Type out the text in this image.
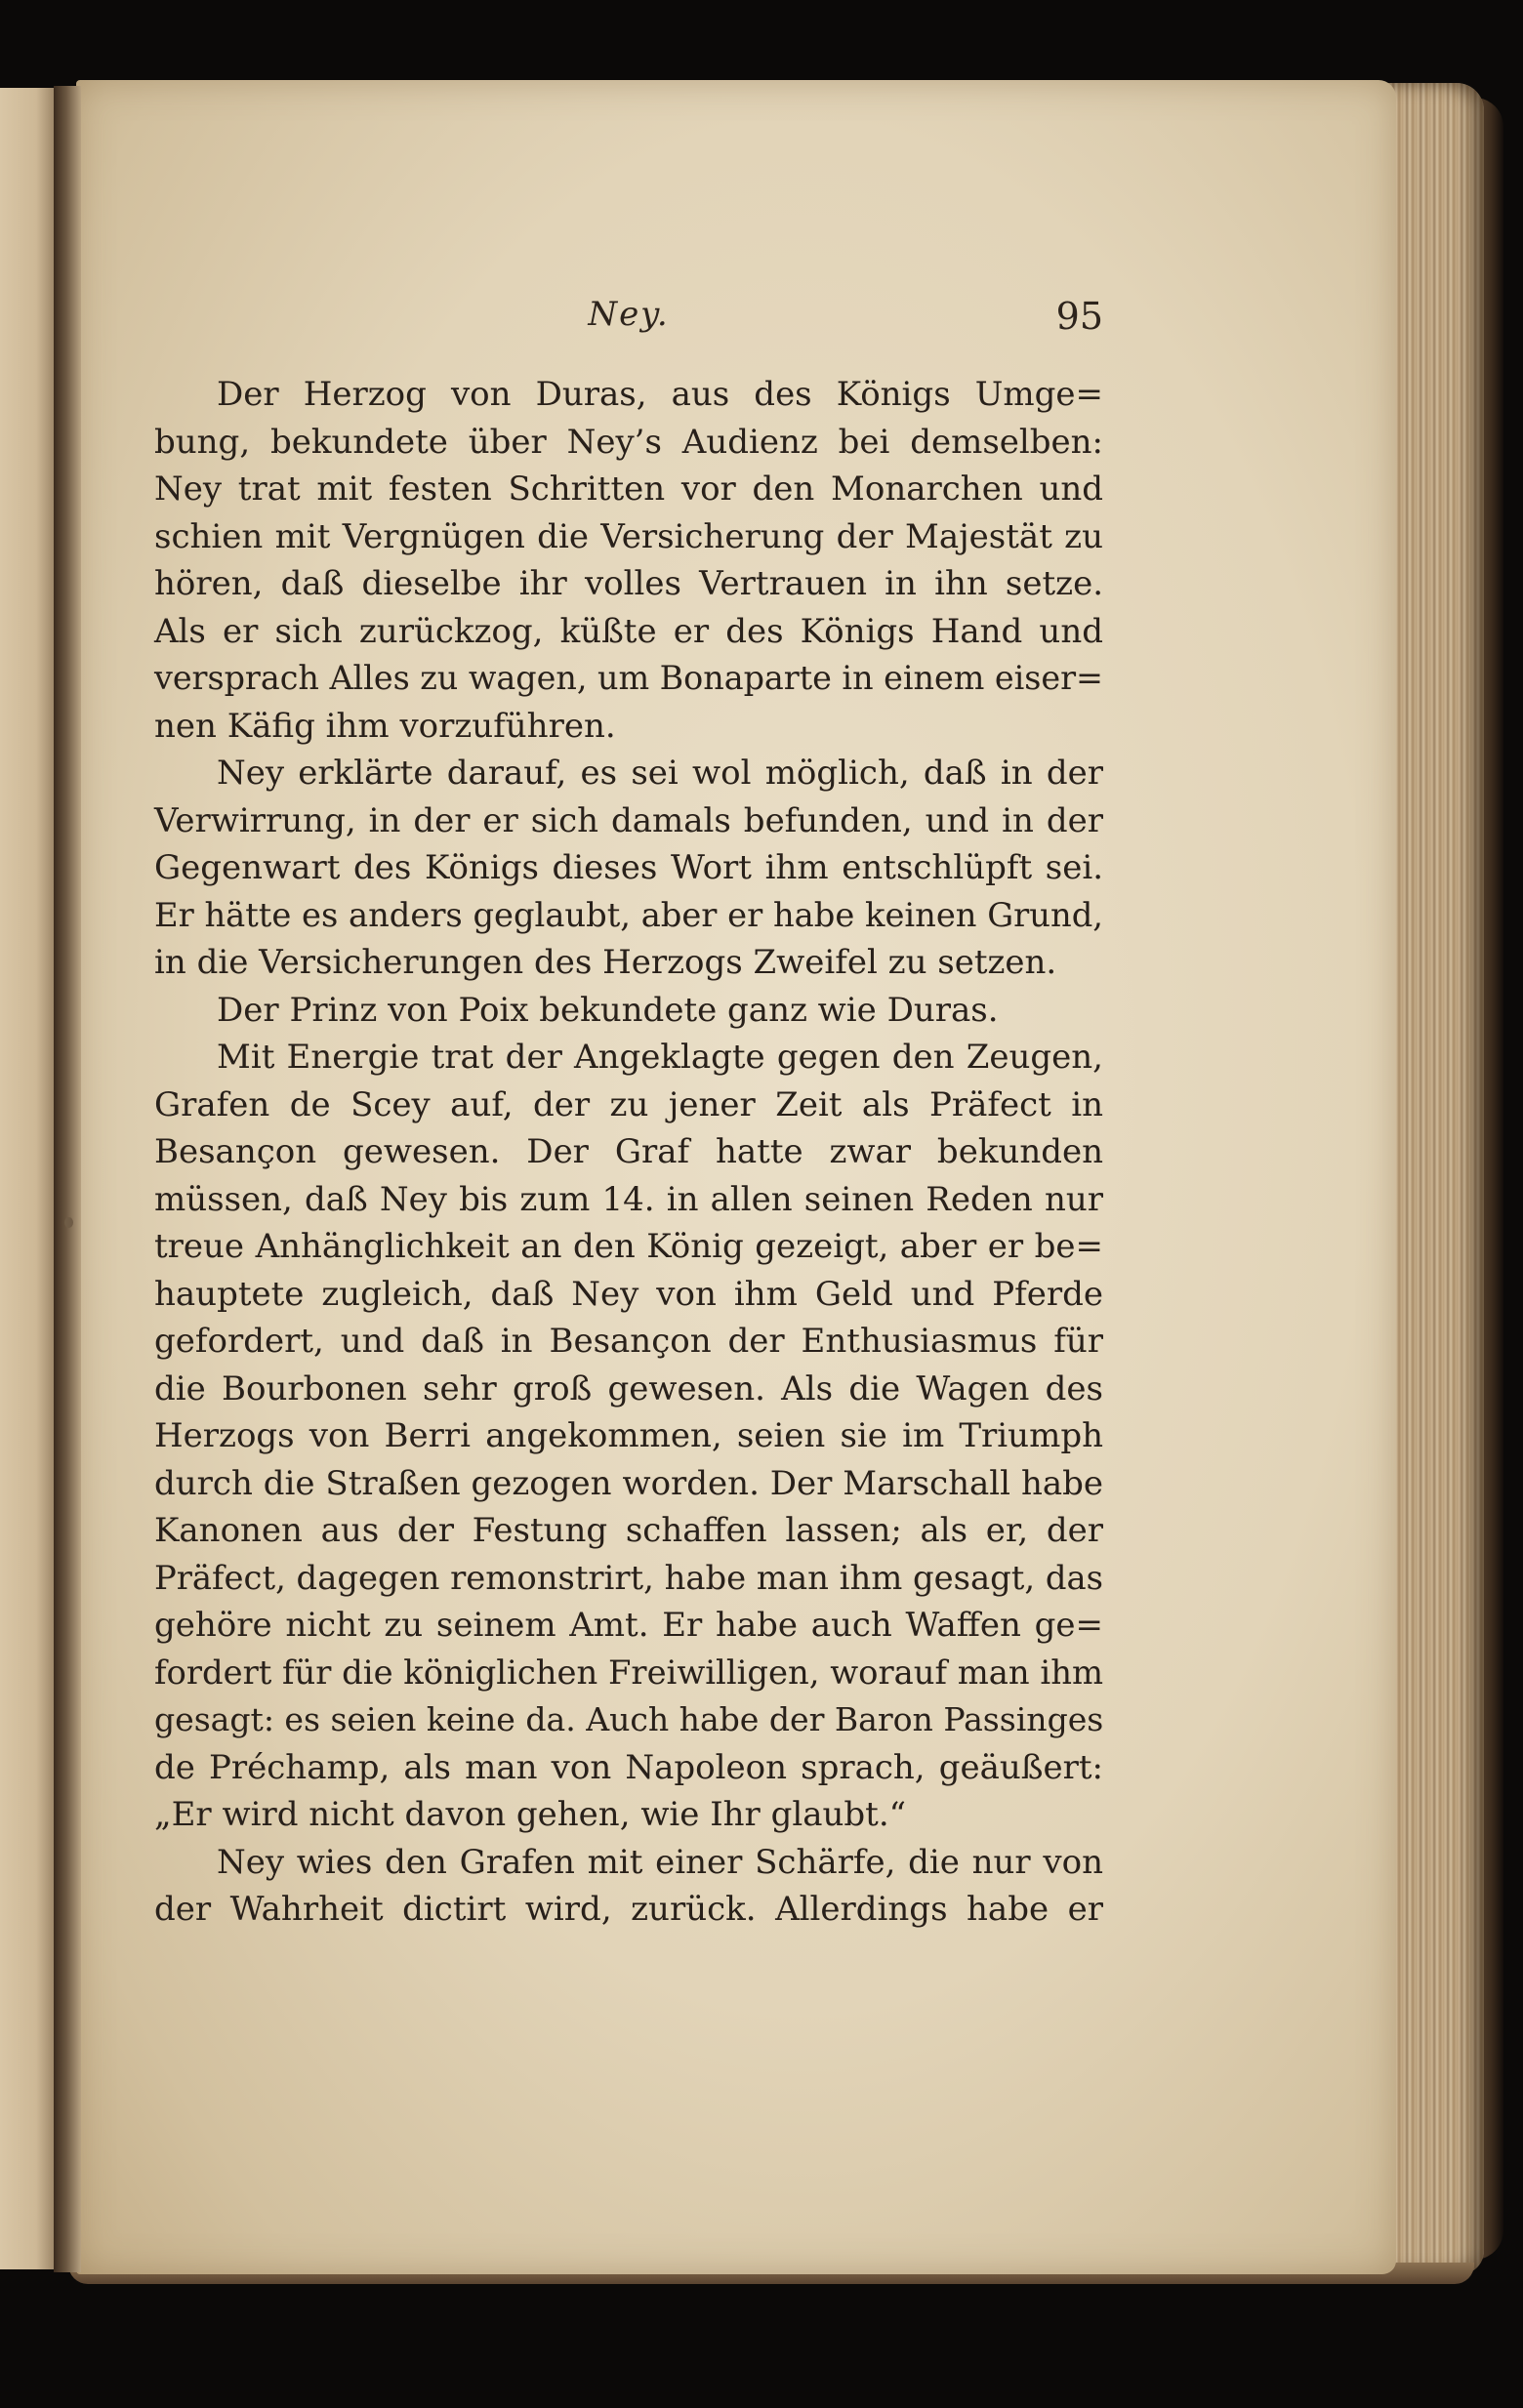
Ney.	95
Der Herzog von Duras, aus des Königs Umge=
bung, bekundete über Ney’s Audienz bei demselben:
Ney trat mit festen Schritten vor den Monarchen und
schien mit Vergnügen die Versicherung der Majestät zu
hören, daß dieselbe ihr volles Vertrauen in ihn setze.
Als er sich zurückzog, küßte er des Königs Hand und
versprach Alles zu wagen, um Bonaparte in einem eiser=
nen Käfig ihm vorzuführen.
Ney erklärte darauf, es sei wol möglich, daß in der
Verwirrung, in der er sich damals befunden, und in der
Gegenwart des Königs dieses Wort ihm entschlüpft sei.
Er hätte es anders geglaubt, aber er habe keinen Grund,
in die Versicherungen des Herzogs Zweifel zu setzen.
Der Prinz von Poix bekundete ganz wie Duras.
Mit Energie trat der Angeklagte gegen den Zeugen,
Grafen de Scey auf, der zu jener Zeit als Präfect in
Besançon gewesen. Der Graf hatte zwar bekunden
müssen, daß Ney bis zum 14. in allen seinen Reden nur
treue Anhänglichkeit an den König gezeigt, aber er be=
hauptete zugleich, daß Ney von ihm Geld und Pferde
gefordert, und daß in Besançon der Enthusiasmus für
die Bourbonen sehr groß gewesen. Als die Wagen des
Herzogs von Berri angekommen, seien sie im Triumph
durch die Straßen gezogen worden. Der Marschall habe
Kanonen aus der Festung schaffen lassen; als er, der
Präfect, dagegen remonstrirt, habe man ihm gesagt, das
gehöre nicht zu seinem Amt. Er habe auch Waffen ge=
fordert für die königlichen Freiwilligen, worauf man ihm
gesagt: es seien keine da. Auch habe der Baron Passinges
de Préchamp, als man von Napoleon sprach, geäußert:
„Er wird nicht davon gehen, wie Ihr glaubt.“
Ney wies den Grafen mit einer Schärfe, die nur von
der Wahrheit dictirt wird, zurück. Allerdings habe er
